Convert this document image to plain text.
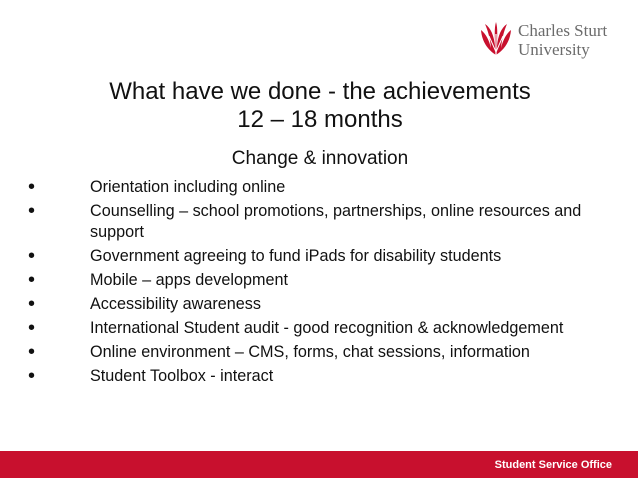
Charles Sturt
University
What have we done - the achievements
12 – 18 months
Change & innovation
•	Orientation including online
•	Counselling – school promotions, partnerships, online resources and support
•	Government agreeing to fund iPads for disability students
•	Mobile – apps development
•	Accessibility awareness
•	International Student audit - good recognition & acknowledgement
•	Online environment – CMS, forms, chat sessions, information
•	Student Toolbox - interact
Student Service Office
